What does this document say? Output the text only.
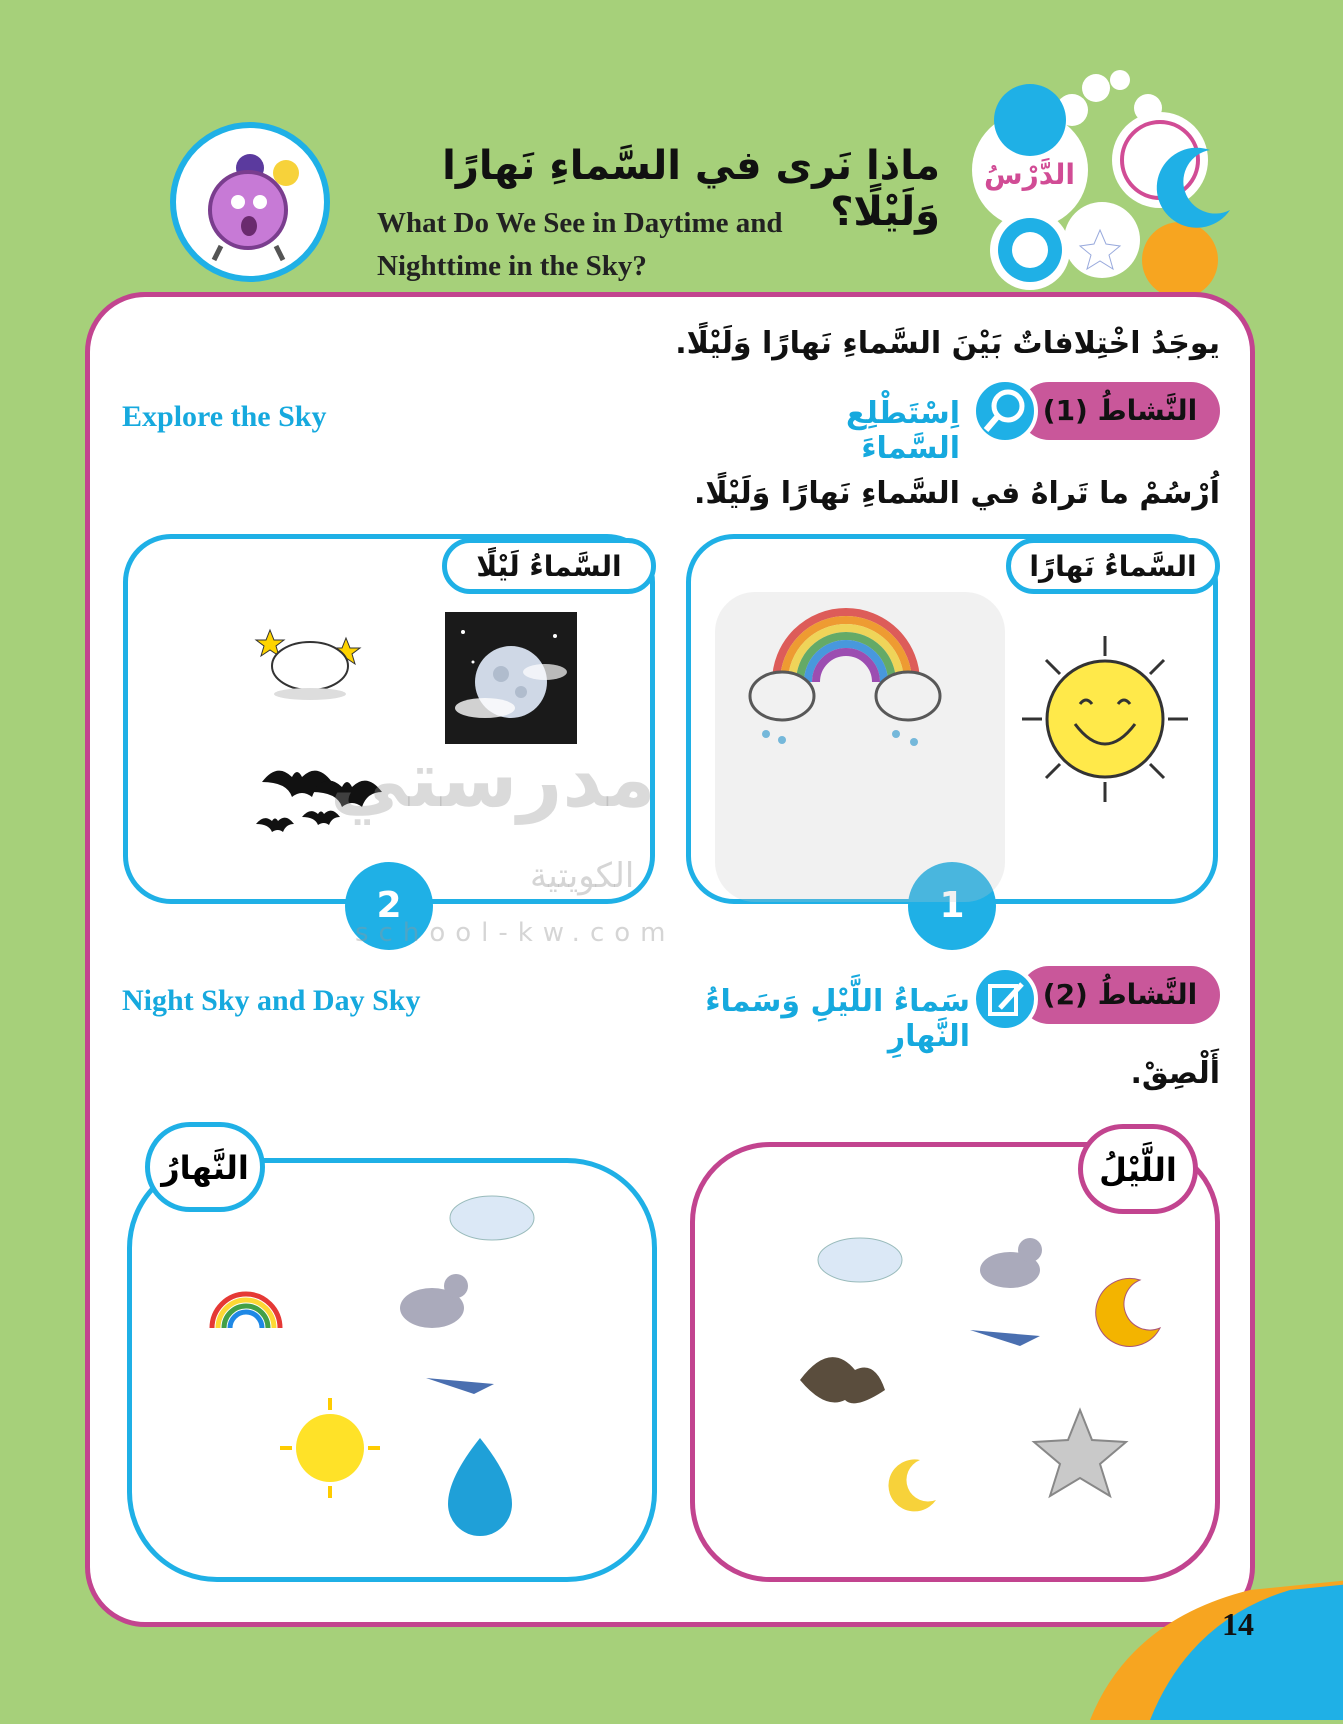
الدَّرْسُ
ماذا نَرى في السَّماءِ نَهارًا وَلَيْلًا؟
What Do We See in Daytime and
Nighttime in the Sky?
يوجَدُ اخْتِلافاتٌ بَيْنَ السَّماءِ نَهارًا وَلَيْلًا.
النَّشاطُ (1)
اِسْتَطْلِع السَّماءَ
Explore the Sky
اُرْسُمْ ما تَراهُ في السَّماءِ نَهارًا وَلَيْلًا.
السَّماءُ نَهارًا
1
السَّماءُ لَيْلًا
2
مدرستي
الكويتية
school-kw.com
النَّشاطُ (2)
سَماءُ اللَّيْلِ وَسَماءُ النَّهارِ
Night Sky and Day Sky
أَلْصِقْ.
اللَّيْلُ
النَّهارُ
14
